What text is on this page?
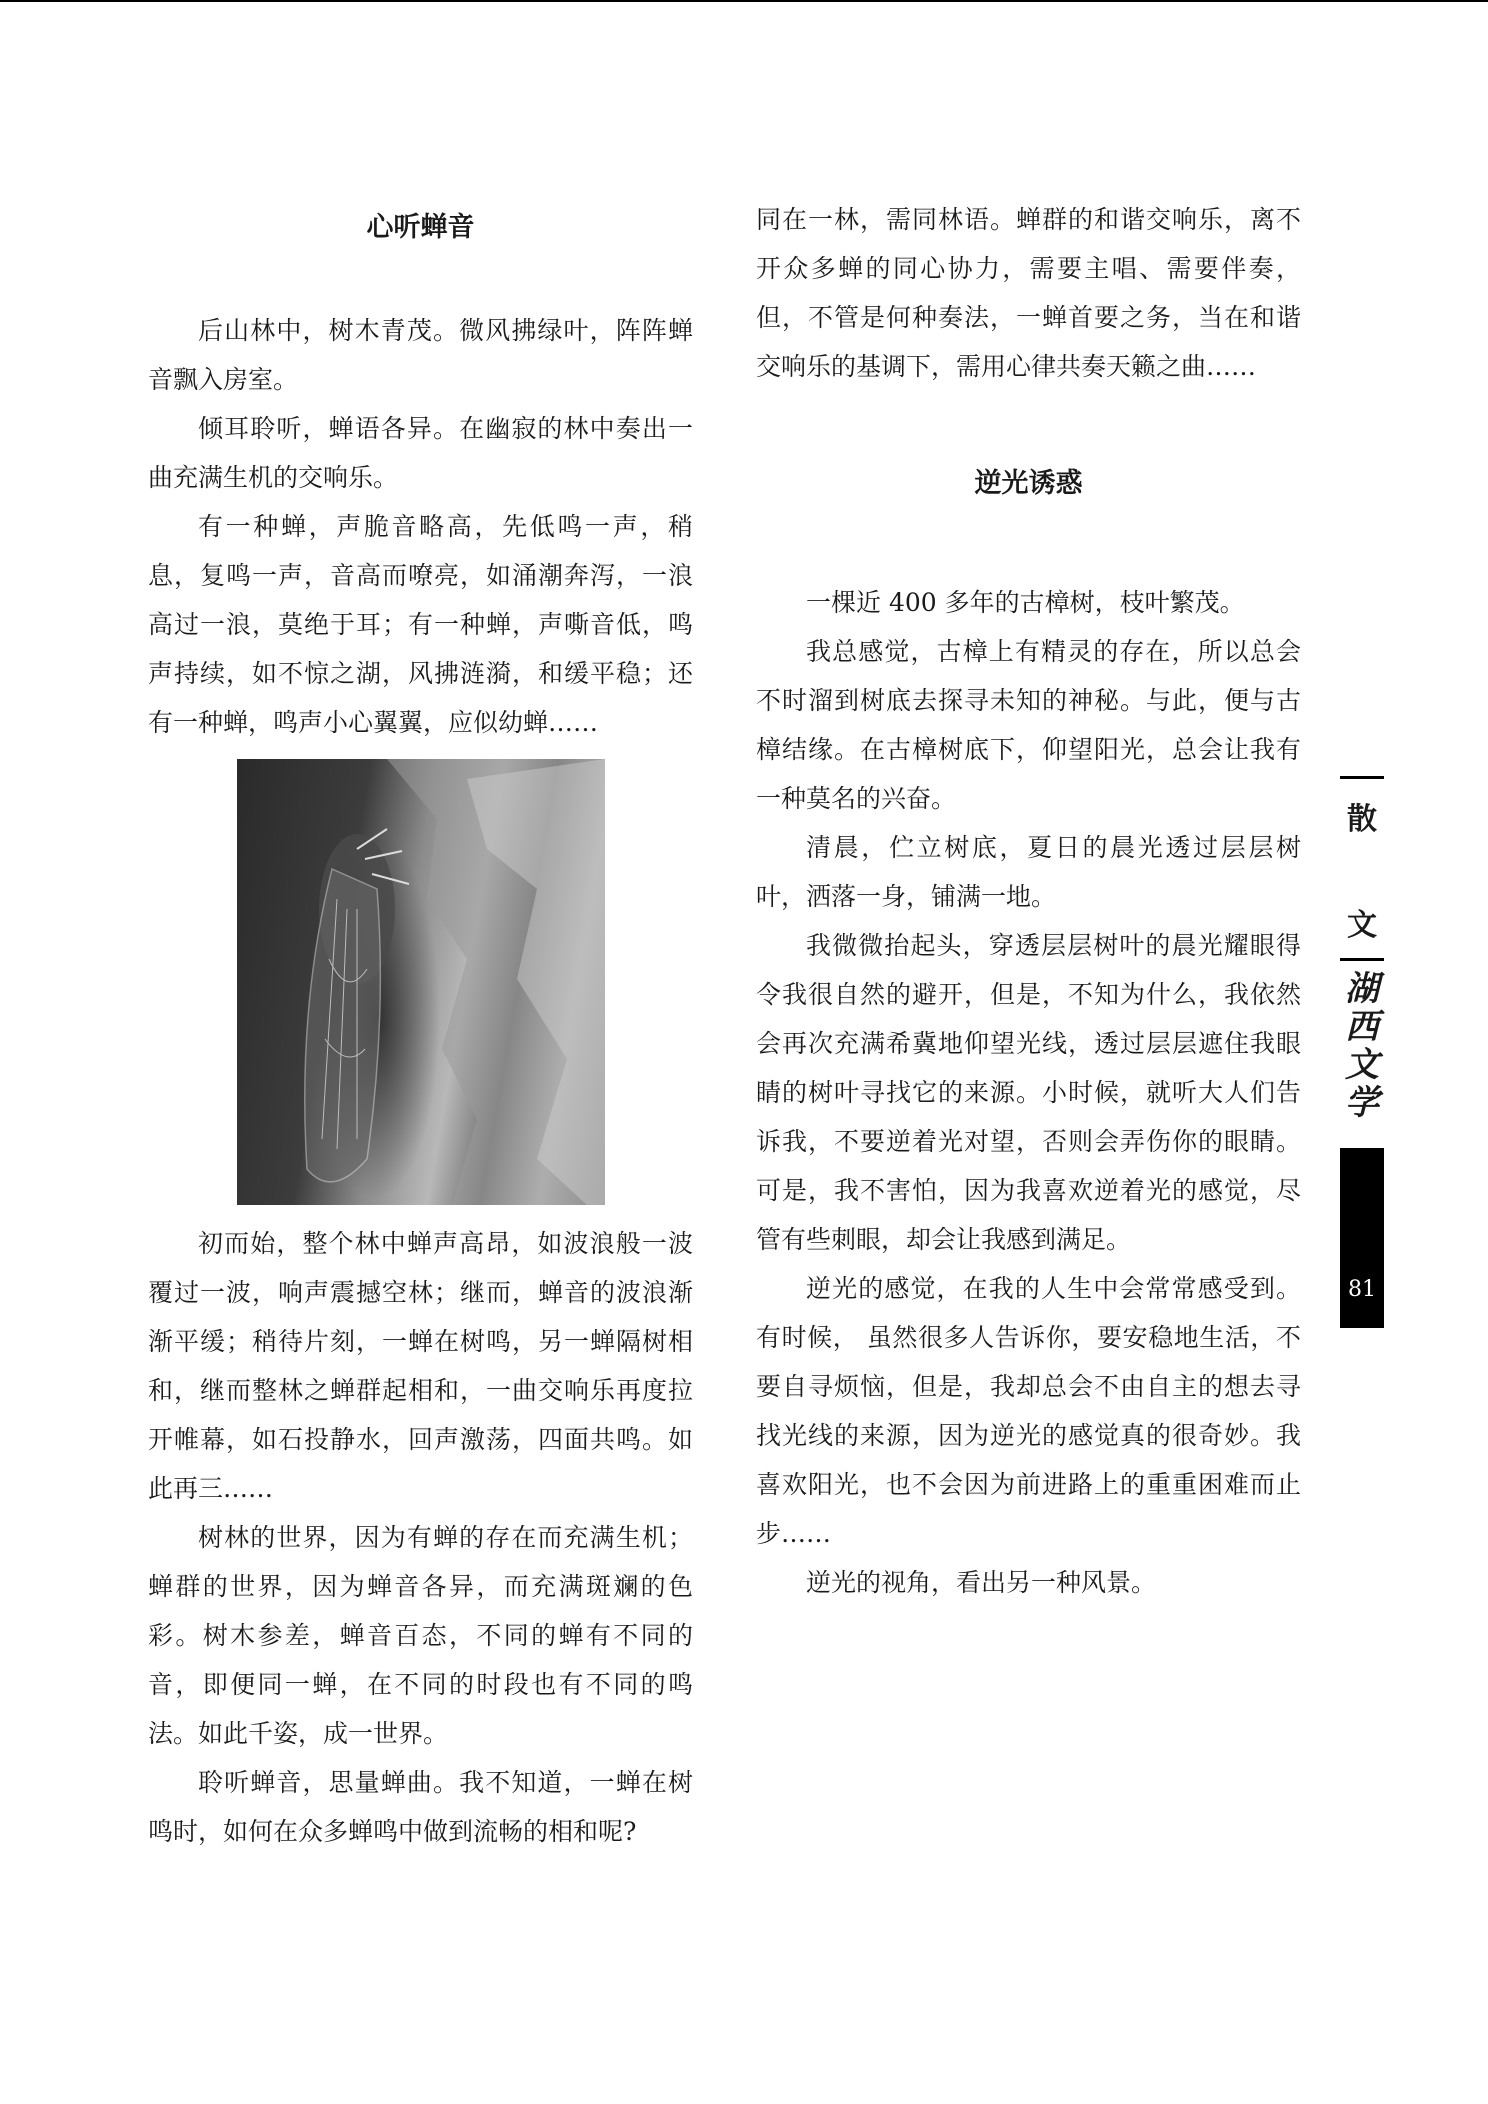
心听蝉音

后山林中，树木青茂。微风拂绿叶，阵阵蝉音飘入房室。

倾耳聆听，蝉语各异。在幽寂的林中奏出一曲充满生机的交响乐。

有一种蝉，声脆音略高，先低鸣一声，稍息，复鸣一声，音高而嘹亮，如涌潮奔泻，一浪高过一浪，莫绝于耳；有一种蝉，声嘶音低，鸣声持续，如不惊之湖，风拂涟漪，和缓平稳；还有一种蝉，鸣声小心翼翼，应似幼蝉……

初而始，整个林中蝉声高昂，如波浪般一波覆过一波，响声震撼空林；继而，蝉音的波浪渐渐平缓；稍待片刻，一蝉在树鸣，另一蝉隔树相和，继而整林之蝉群起相和，一曲交响乐再度拉开帷幕，如石投静水，回声激荡，四面共鸣。如此再三……

树林的世界，因为有蝉的存在而充满生机；蝉群的世界，因为蝉音各异，而充满斑斓的色彩。树木参差，蝉音百态，不同的蝉有不同的音，即便同一蝉，在不同的时段也有不同的鸣法。如此千姿，成一世界。

聆听蝉音，思量蝉曲。我不知道，一蝉在树鸣时，如何在众多蝉鸣中做到流畅的相和呢?

同在一林，需同林语。蝉群的和谐交响乐，离不开众多蝉的同心协力，需要主唱、需要伴奏，但，不管是何种奏法，一蝉首要之务，当在和谐交响乐的基调下，需用心律共奏天籁之曲……

逆光诱惑

一棵近 400 多年的古樟树，枝叶繁茂。

我总感觉，古樟上有精灵的存在，所以总会不时溜到树底去探寻未知的神秘。与此，便与古樟结缘。在古樟树底下，仰望阳光，总会让我有一种莫名的兴奋。

清晨，伫立树底，夏日的晨光透过层层树叶，洒落一身，铺满一地。

我微微抬起头，穿透层层树叶的晨光耀眼得令我很自然的避开，但是，不知为什么，我依然会再次充满希冀地仰望光线，透过层层遮住我眼睛的树叶寻找它的来源。小时候，就听大人们告诉我，不要逆着光对望，否则会弄伤你的眼睛。可是，我不害怕，因为我喜欢逆着光的感觉，尽管有些刺眼，却会让我感到满足。

逆光的感觉，在我的人生中会常常感受到。有时候， 虽然很多人告诉你，要安稳地生活，不要自寻烦恼，但是，我却总会不由自主的想去寻找光线的来源，因为逆光的感觉真的很奇妙。我喜欢阳光，也不会因为前进路上的重重困难而止步……

逆光的视角，看出另一种风景。

散
文
湖
西
文
学
81
